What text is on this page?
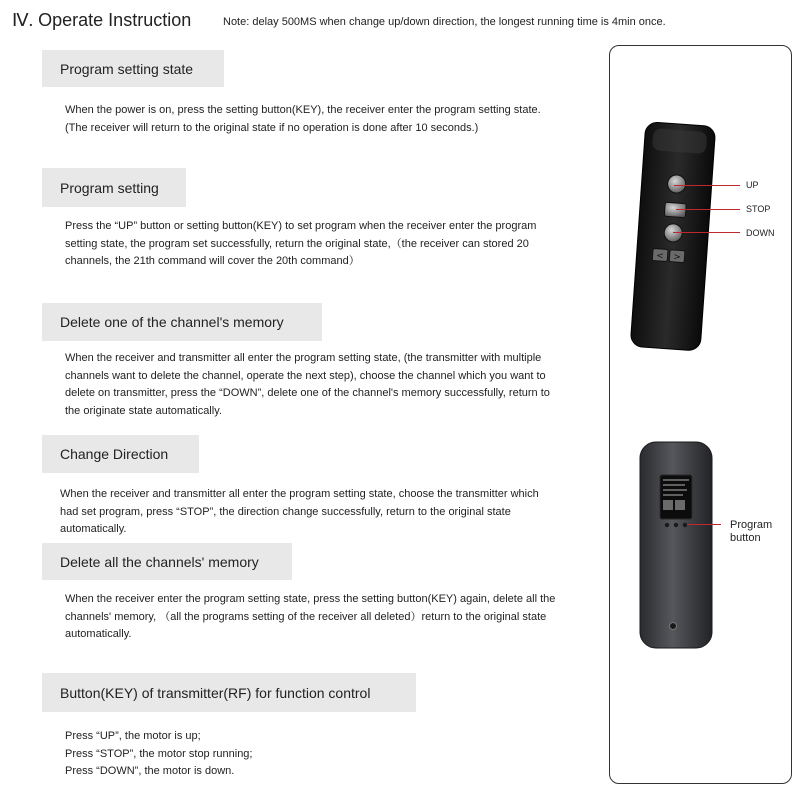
Ⅳ. Operate Instruction	Note: delay 500MS when change up/down direction, the longest running time is 4min once.
Program setting state
When the power is on, press the setting button(KEY), the receiver enter the program setting state.
(The receiver will return to the original state if no operation is done after 10 seconds.)
Program setting
Press the “UP” button or setting button(KEY) to set program when the receiver enter the program
setting state, the program set successfully, return the original state,（the receiver can stored 20
channels, the 21th command will cover the 20th command）
Delete one of the channel's memory
When the receiver and transmitter all enter the program setting state, (the transmitter with multiple
channels want to delete the channel, operate the next step), choose the channel which you want to
delete on transmitter, press the “DOWN”, delete one of the channel's memory successfully, return to
the originate state automatically.
Change Direction
When the receiver and transmitter all enter the program setting state, choose the transmitter which
had set program, press “STOP”, the direction change successfully, return to the original state
automatically.
Delete all the channels' memory
When the receiver enter the program setting state, press the setting button(KEY) again, delete all the
channels' memory, （all the programs setting of the receiver all deleted）return to the original state
automatically.
Button(KEY) of transmitter(RF) for function control
Press “UP”, the motor is up;
Press “STOP”, the motor stop running;
Press “DOWN”, the motor is down.
< >
UP
STOP
DOWN
Program
button
